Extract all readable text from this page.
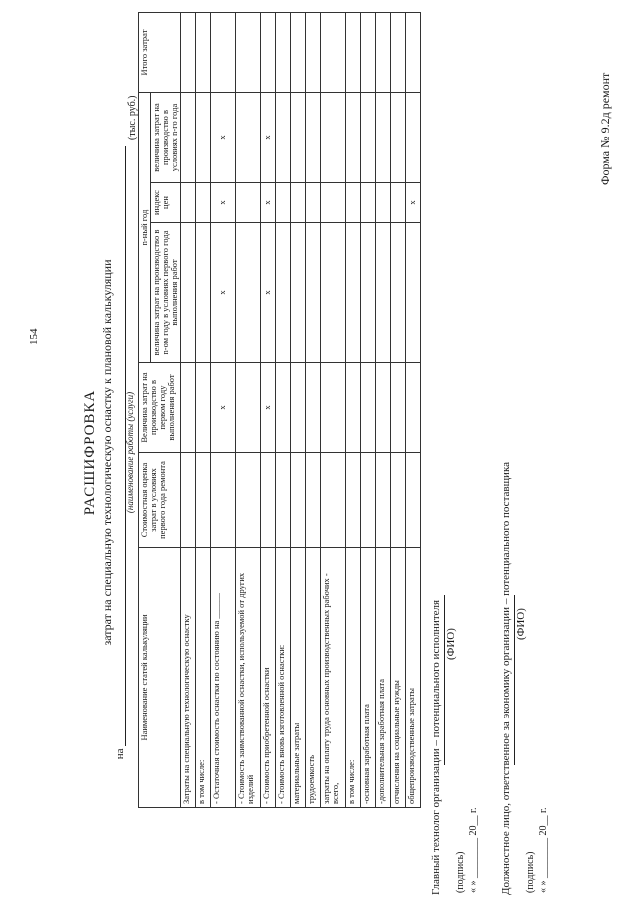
154
Форма № 9.2д ремонт
РАСШИФРОВКА затрат на специальную технологическую оснастку к плановой калькуляции
на
(наименование работы (услуги)
(тыс. руб.)
Наименование статей калькуляции	Стоимостная оценка затрат в условиях первого года ремонта	Величина затрат на производство в первом году выполнения работ	n-ный год			Итого затрат
			величина затрат на производство в n-ом году в условиях первого года выполнения работ	индекс цен	величина затрат на производство в условиях n-го года	
Затраты на специальную технологическую оснастку						
в том числе:						
- Остаточная стоимость оснастки по состоянию на ______		х	х	х	х	
- Стоимость заимствованной оснастки, используемой от других изделий						
- Стоимость приобретенной оснастки		х	х	х	х	
- Стоимость вновь изготовленной оснастки:						
материальные затраты						
трудоемкость						
затраты на оплату труда основных производственных рабочих - всего,						
в том числе:						
-основная заработная плата						
-дополнительная заработная плата						
отчисления на социальные нужды						
общепроизводственные затраты				х		
Главный технолог организации – потенциального исполнителя (ФИО)
(подпись) « » ________ 20__ г. Должностное лицо, ответственное за экономику организации – потенциального поставщика (ФИО)
(подпись) « » ________ 20__ г.
